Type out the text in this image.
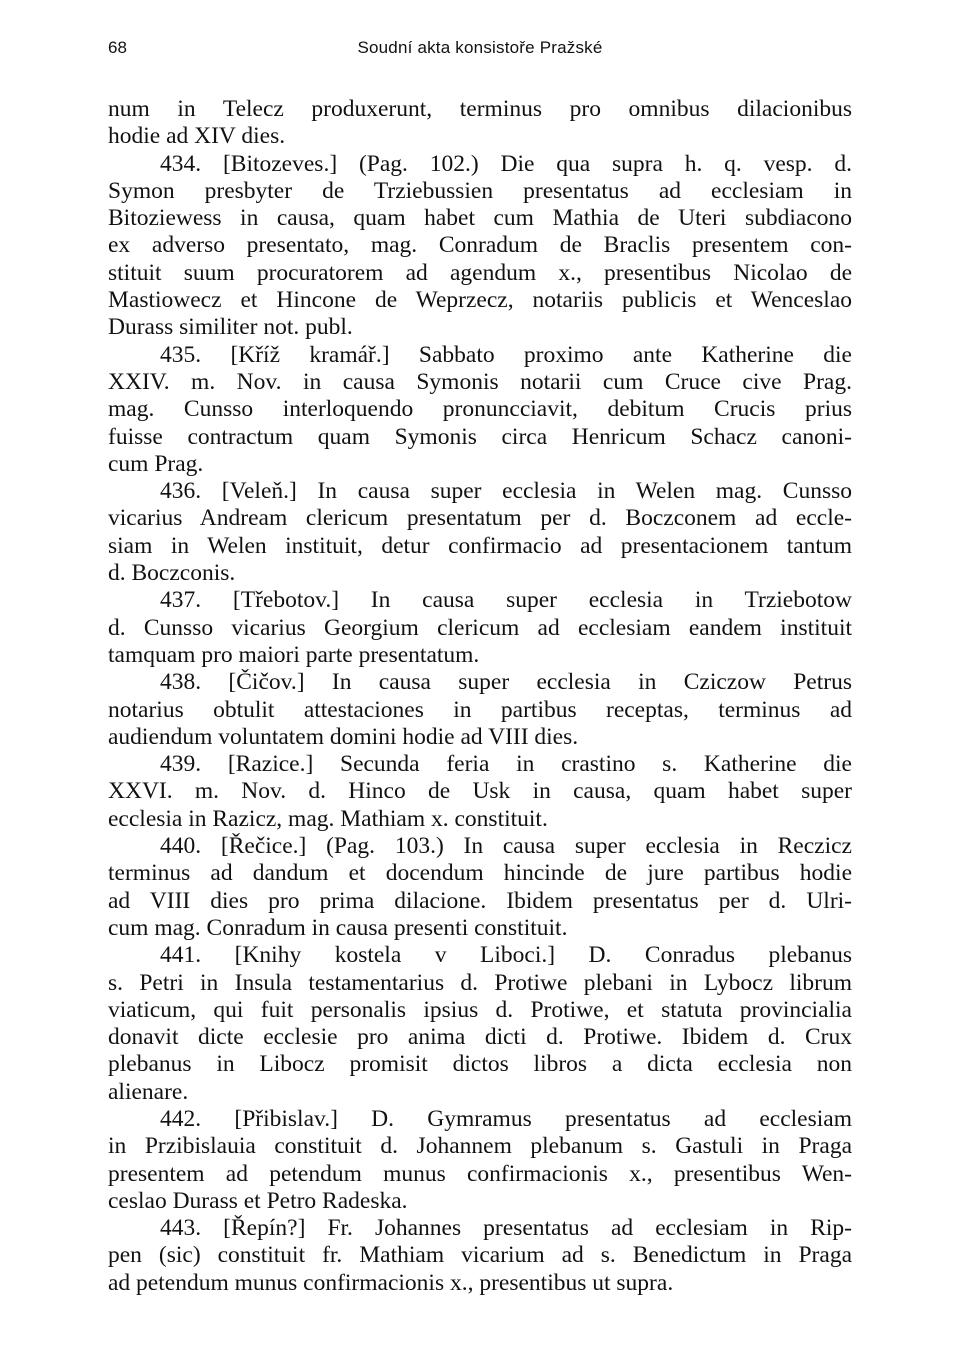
68	Soudní akta konsistoře Pražské
num in Telecz produxerunt, terminus pro omnibus dilacionibus
hodie ad XIV dies.
434. [Bitozeves.] (Pag. 102.) Die qua supra h. q. vesp. d.
Symon presbyter de Trziebussien presentatus ad ecclesiam in
Bitoziewess in causa, quam habet cum Mathia de Uteri subdiacono
ex adverso presentato, mag. Conradum de Braclis presentem con-
stituit suum procuratorem ad agendum x., presentibus Nicolao de
Mastiowecz et Hincone de Weprzecz, notariis publicis et Wenceslao
Durass similiter not. publ.
435. [Kříž kramář.] Sabbato proximo ante Katherine die
XXIV. m. Nov. in causa Symonis notarii cum Cruce cive Prag.
mag. Cunsso interloquendo pronuncciavit, debitum Crucis prius
fuisse contractum quam Symonis circa Henricum Schacz canoni-
cum Prag.
436. [Veleň.] In causa super ecclesia in Welen mag. Cunsso
vicarius Andream clericum presentatum per d. Boczconem ad eccle-
siam in Welen instituit, detur confirmacio ad presentacionem tantum
d. Boczconis.
437. [Třebotov.] In causa super ecclesia in Trziebotow
d. Cunsso vicarius Georgium clericum ad ecclesiam eandem instituit
tamquam pro maiori parte presentatum.
438. [Čičov.] In causa super ecclesia in Cziczow Petrus
notarius obtulit attestaciones in partibus receptas, terminus ad
audiendum voluntatem domini hodie ad VIII dies.
439. [Razice.] Secunda feria in crastino s. Katherine die
XXVI. m. Nov. d. Hinco de Usk in causa, quam habet super
ecclesia in Razicz, mag. Mathiam x. constituit.
440. [Řečice.] (Pag. 103.) In causa super ecclesia in Reczicz
terminus ad dandum et docendum hincinde de jure partibus hodie
ad VIII dies pro prima dilacione. Ibidem presentatus per d. Ulri-
cum mag. Conradum in causa presenti constituit.
441. [Knihy kostela v Liboci.] D. Conradus plebanus
s. Petri in Insula testamentarius d. Protiwe plebani in Lybocz librum
viaticum, qui fuit personalis ipsius d. Protiwe, et statuta provincialia
donavit dicte ecclesie pro anima dicti d. Protiwe. Ibidem d. Crux
plebanus in Libocz promisit dictos libros a dicta ecclesia non
alienare.
442. [Přibislav.] D. Gymramus presentatus ad ecclesiam
in Przibislauia constituit d. Johannem plebanum s. Gastuli in Praga
presentem ad petendum munus confirmacionis x., presentibus Wen-
ceslao Durass et Petro Radeska.
443. [Řepín?] Fr. Johannes presentatus ad ecclesiam in Rip-
pen (sic) constituit fr. Mathiam vicarium ad s. Benedictum in Praga
ad petendum munus confirmacionis x., presentibus ut supra.
